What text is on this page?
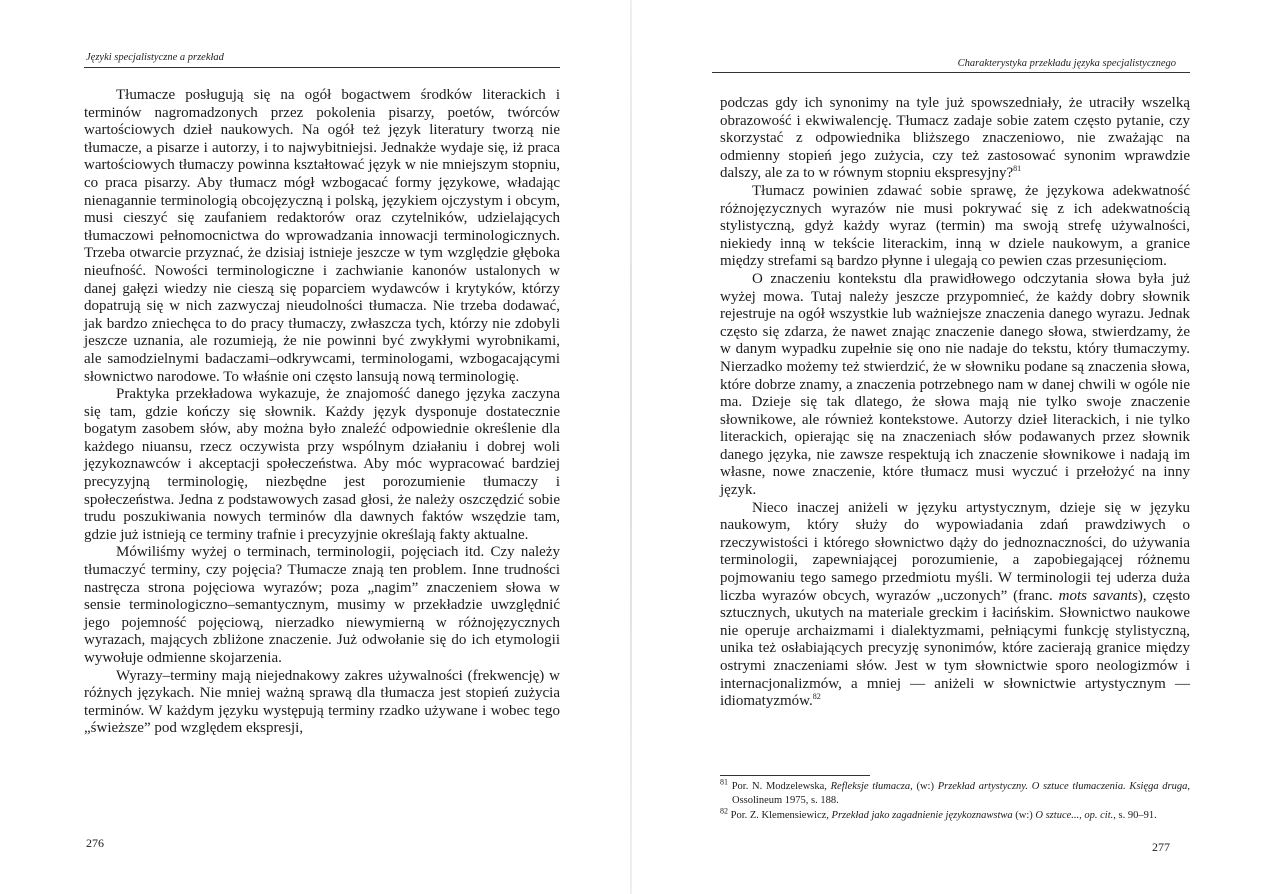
Języki specjalistyczne a przekład

Tłumacze posługują się na ogół bogactwem środków literackich i terminów nagromadzonych przez pokolenia pisarzy, poetów, twórców wartościowych dzieł naukowych. Na ogół też język literatury tworzą nie tłumacze, a pisarze i autorzy, i to najwybitniejsi. Jednakże wydaje się, iż praca wartościowych tłumaczy powinna kształtować język w nie mniejszym stopniu, co praca pisarzy. Aby tłumacz mógł wzbogacać formy językowe, władając nienagannie terminologią obcojęzyczną i polską, językiem ojczystym i obcym, musi cieszyć się zaufaniem redaktorów oraz czytelników, udzielających tłumaczowi pełnomocnictwa do wprowadzania innowacji terminologicznych. Trzeba otwarcie przyznać, że dzisiaj istnieje jeszcze w tym względzie głęboka nieufność. Nowości terminologiczne i zachwianie kanonów ustalonych w danej gałęzi wiedzy nie cieszą się poparciem wydawców i krytyków, którzy dopatrują się w nich zazwyczaj nieudolności tłumacza. Nie trzeba dodawać, jak bardzo zniechęca to do pracy tłumaczy, zwłaszcza tych, którzy nie zdobyli jeszcze uznania, ale rozumieją, że nie powinni być zwykłymi wyrobnikami, ale samodzielnymi badaczami–odkrywcami, terminologami, wzbogacającymi słownictwo narodowe. To właśnie oni często lansują nową terminologię.

Praktyka przekładowa wykazuje, że znajomość danego języka zaczyna się tam, gdzie kończy się słownik. Każdy język dysponuje dostatecznie bogatym zasobem słów, aby można było znaleźć odpowiednie określenie dla każdego niuansu, rzecz oczywista przy wspólnym działaniu i dobrej woli językoznawców i akceptacji społeczeństwa. Aby móc wypracować bardziej precyzyjną terminologię, niezbędne jest porozumienie tłumaczy i społeczeństwa. Jedna z podstawowych zasad głosi, że należy oszczędzić sobie trudu poszukiwania nowych terminów dla dawnych faktów wszędzie tam, gdzie już istnieją ce terminy trafnie i precyzyjnie określają fakty aktualne.

Mówiliśmy wyżej o terminach, terminologii, pojęciach itd. Czy należy tłumaczyć terminy, czy pojęcia? Tłumacze znają ten problem. Inne trudności nastręcza strona pojęciowa wyrazów; poza „nagim” znaczeniem słowa w sensie terminologiczno–semantycznym, musimy w przekładzie uwzględnić jego pojemność pojęciową, nierzadko niewymierną w różnojęzycznych wyrazach, mających zbliżone znaczenie. Już odwołanie się do ich etymologii wywołuje odmienne skojarzenia.

Wyrazy–terminy mają niejednakowy zakres używalności (frekwencję) w różnych językach. Nie mniej ważną sprawą dla tłumacza jest stopień zużycia terminów. W każdym języku występują terminy rzadko używane i wobec tego „świeższe” pod względem ekspresji,

276
Charakterystyka przekładu języka specjalistycznego

podczas gdy ich synonimy na tyle już spowszedniały, że utraciły wszelką obrazowość i ekwiwalencję. Tłumacz zadaje sobie zatem często pytanie, czy skorzystać z odpowiednika bliższego znaczeniowo, nie zważając na odmienny stopień jego zużycia, czy też zastosować synonim wprawdzie dalszy, ale za to w równym stopniu ekspresyjny?$^{81}$

Tłumacz powinien zdawać sobie sprawę, że językowa adekwatność różnojęzycznych wyrazów nie musi pokrywać się z ich adekwatnością stylistyczną, gdyż każdy wyraz (termin) ma swoją strefę używalności, niekiedy inną w tekście literackim, inną w dziele naukowym, a granice między strefami są bardzo płynne i ulegają co pewien czas przesunięciom.

O znaczeniu kontekstu dla prawidłowego odczytania słowa była już wyżej mowa. Tutaj należy jeszcze przypomnieć, że każdy dobry słownik rejestruje na ogół wszystkie lub ważniejsze znaczenia danego wyrazu. Jednak często się zdarza, że nawet znając znaczenie danego słowa, stwierdzamy, że w danym wypadku zupełnie się ono nie nadaje do tekstu, który tłumaczymy. Nierzadko możemy też stwierdzić, że w słowniku podane są znaczenia słowa, które dobrze znamy, a znaczenia potrzebnego nam w danej chwili w ogóle nie ma. Dzieje się tak dlatego, że słowa mają nie tylko swoje znaczenie słownikowe, ale również kontekstowe. Autorzy dzieł literackich, i nie tylko literackich, opierając się na znaczeniach słów podawanych przez słownik danego języka, nie zawsze respektują ich znaczenie słownikowe i nadają im własne, nowe znaczenie, które tłumacz musi wyczuć i przełożyć na inny język.

Nieco inaczej aniżeli w języku artystycznym, dzieje się w języku naukowym, który służy do wypowiadania zdań prawdziwych o rzeczywistości i którego słownictwo dąży do jednoznaczności, do używania terminologii, zapewniającej porozumienie, a zapobiegającej różnemu pojmowaniu tego samego przedmiotu myśli. W terminologii tej uderza duża liczba wyrazów obcych, wyrazów „uczonych” (franc. mots savants), często sztucznych, ukutych na materiale greckim i łacińskim. Słownictwo naukowe nie operuje archaizmami i dialektyzmami, pełniącymi funkcję stylistyczną, unika też osłabiających precyzję synonimów, które zacierają granice między ostrymi znaczeniami słów. Jest w tym słownictwie sporo neologizmów i internacjonalizmów, a mniej — aniżeli w słownictwie artystycznym — idiomatyzmów.$^{82}$

$^{81}$ Por. N. Modzelewska, Refleksje tłumacza, (w:) Przekład artystyczny. O sztuce tłumaczenia. Księga druga, Ossolineum 1975, s. 188.

$^{82}$ Por. Z. Klemensiewicz, Przekład jako zagadnienie językoznawstwa (w:) O sztuce..., op. cit., s. 90–91.

277
